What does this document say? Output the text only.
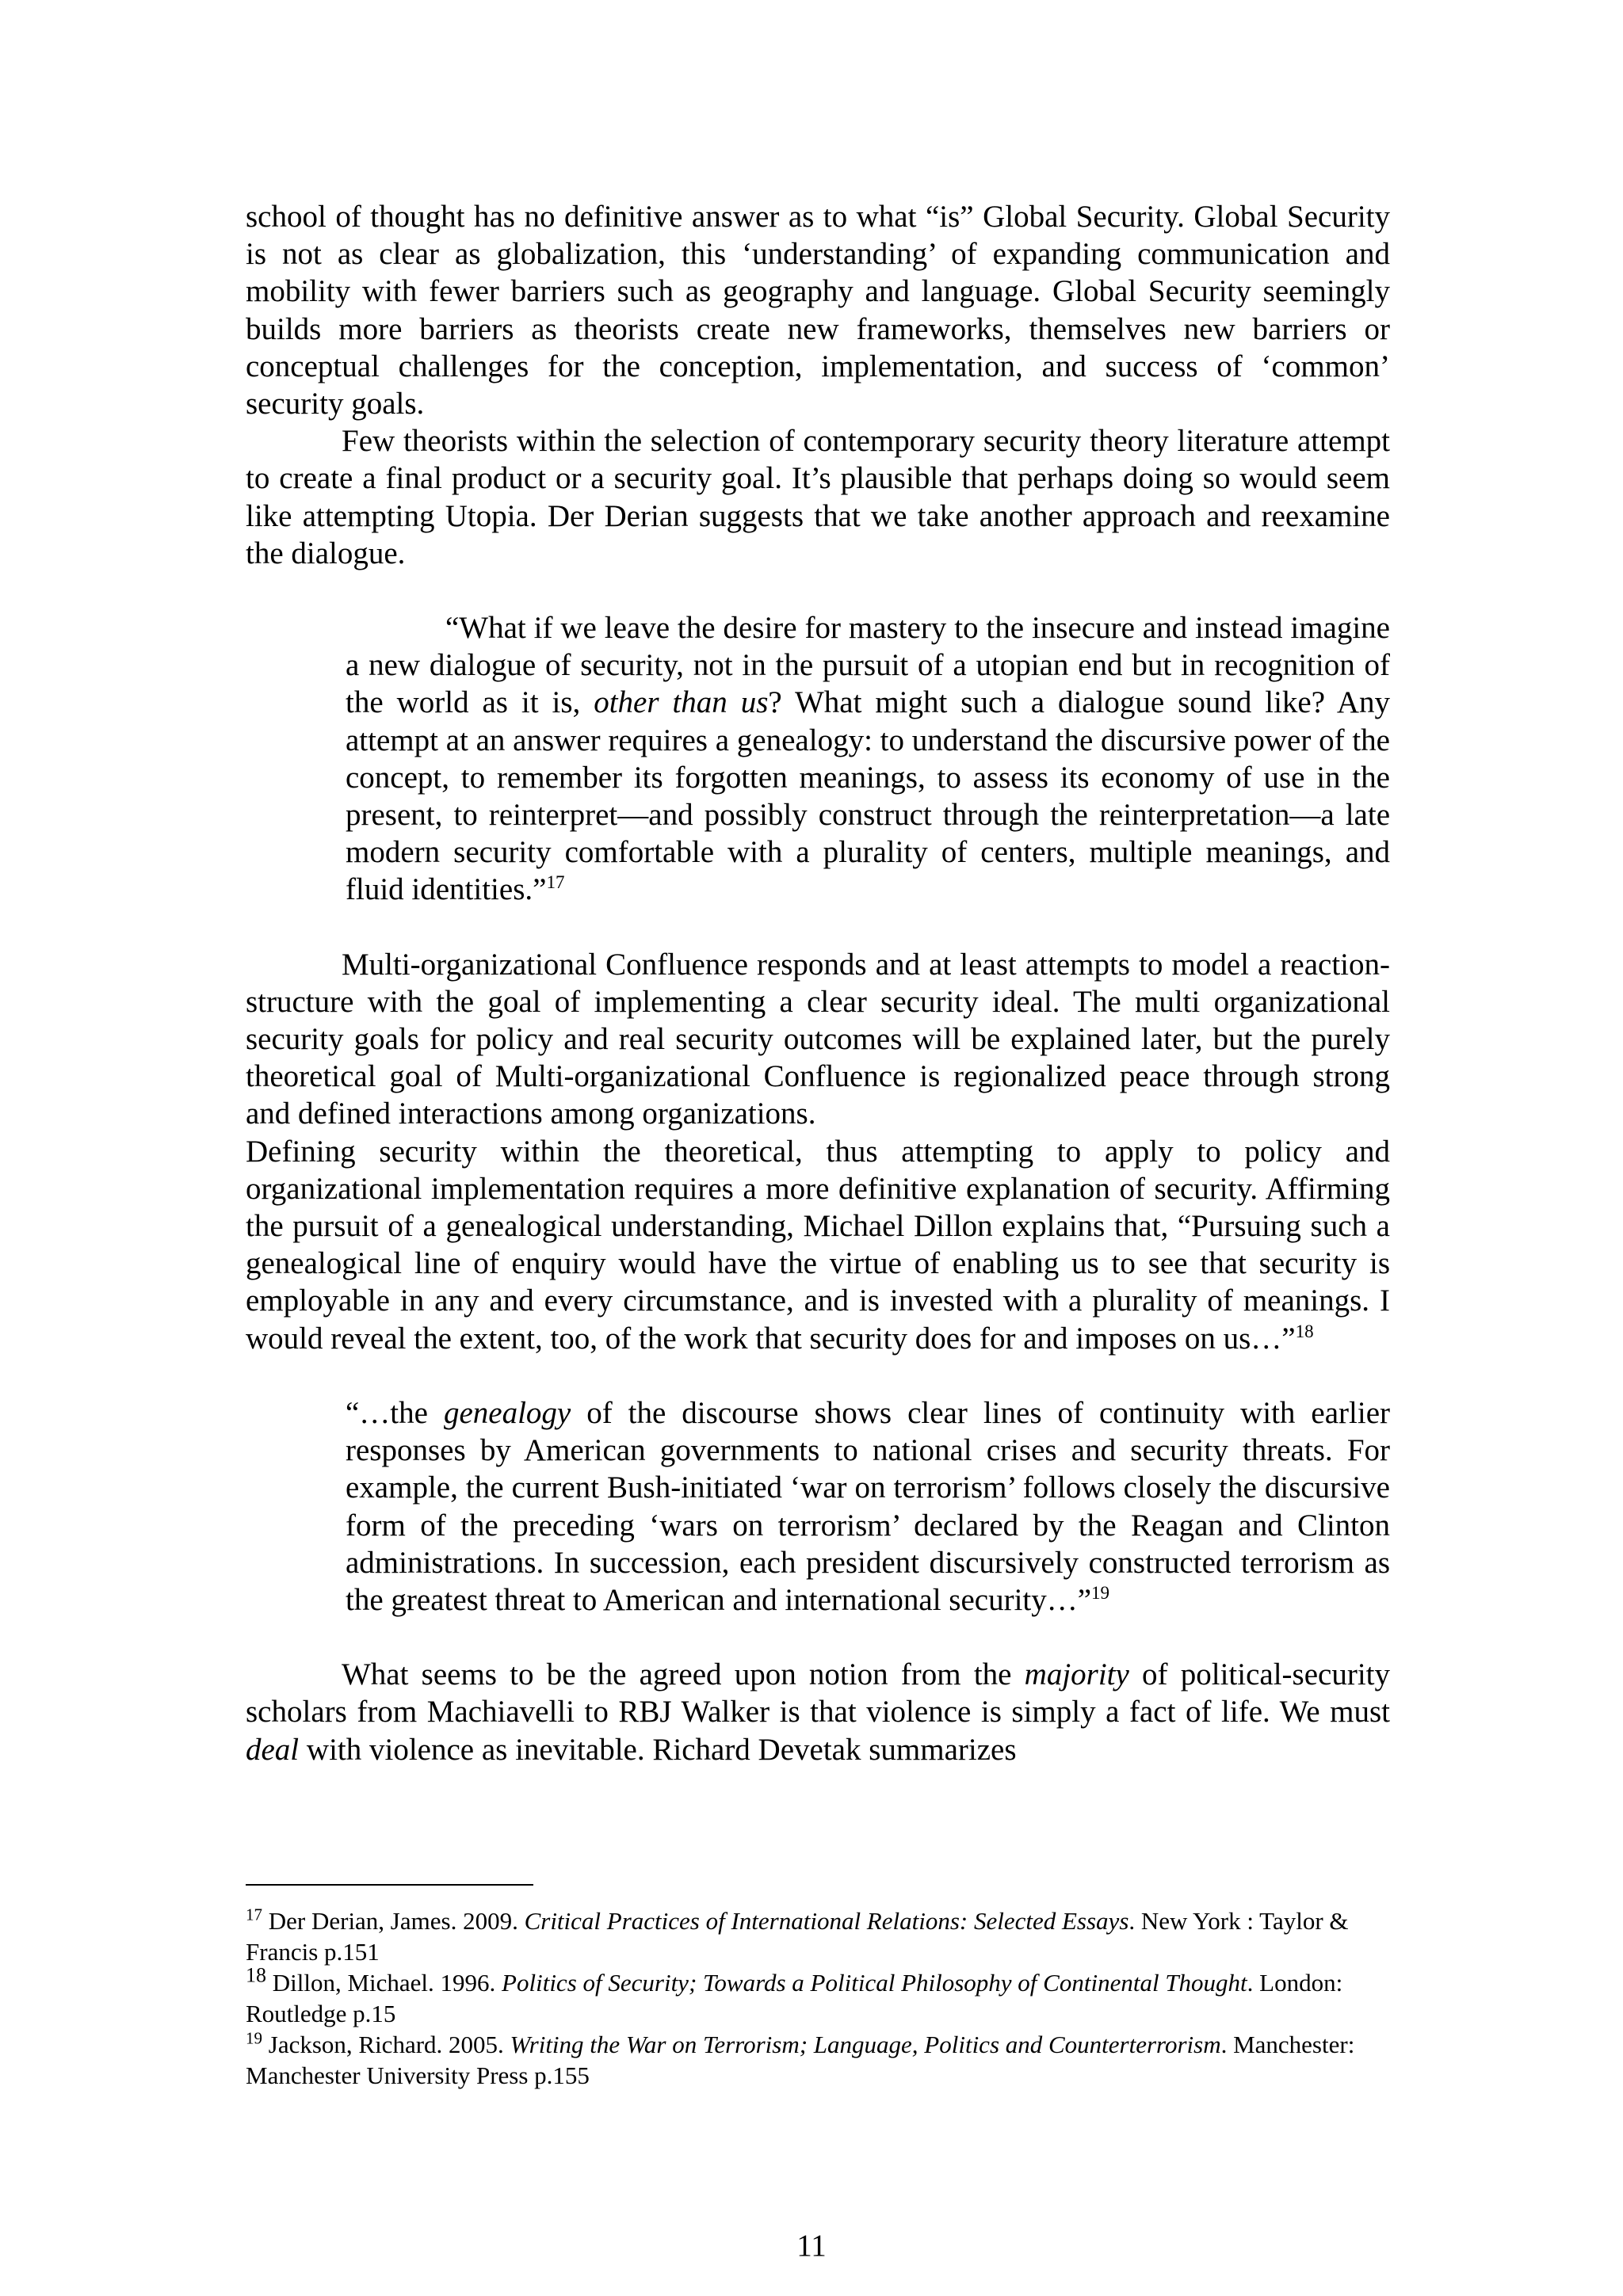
school of thought has no definitive answer as to what “is” Global Security. Global Security is not as clear as globalization, this ‘understanding’ of expanding communication and mobility with fewer barriers such as geography and language. Global Security seemingly builds more barriers as theorists create new frameworks, themselves new barriers or conceptual challenges for the conception, implementation, and success of ‘common’ security goals.

Few theorists within the selection of contemporary security theory literature attempt to create a final product or a security goal. It’s plausible that perhaps doing so would seem like attempting Utopia. Der Derian suggests that we take another approach and reexamine the dialogue.

“What if we leave the desire for mastery to the insecure and instead imagine a new dialogue of security, not in the pursuit of a utopian end but in recognition of the world as it is, other than us? What might such a dialogue sound like? Any attempt at an answer requires a genealogy: to understand the discursive power of the concept, to remember its forgotten meanings, to assess its economy of use in the present, to reinterpret—and possibly construct through the reinterpretation—a late modern security comfortable with a plurality of centers, multiple meanings, and fluid identities.”$^{17}$

Multi-organizational Confluence responds and at least attempts to model a reaction-structure with the goal of implementing a clear security ideal. The multi organizational security goals for policy and real security outcomes will be explained later, but the purely theoretical goal of Multi-organizational Confluence is regionalized peace through strong and defined interactions among organizations.

Defining security within the theoretical, thus attempting to apply to policy and organizational implementation requires a more definitive explanation of security. Affirming the pursuit of a genealogical understanding, Michael Dillon explains that, “Pursuing such a genealogical line of enquiry would have the virtue of enabling us to see that security is employable in any and every circumstance, and is invested with a plurality of meanings. I would reveal the extent, too, of the work that security does for and imposes on us…”$^{18}$

“…the genealogy of the discourse shows clear lines of continuity with earlier responses by American governments to national crises and security threats. For example, the current Bush-initiated ‘war on terrorism’ follows closely the discursive form of the preceding ‘wars on terrorism’ declared by the Reagan and Clinton administrations. In succession, each president discursively constructed terrorism as the greatest threat to American and international security…”$^{19}$

What seems to be the agreed upon notion from the majority of political-security scholars from Machiavelli to RBJ Walker is that violence is simply a fact of life. We must deal with violence as inevitable. Richard Devetak summarizes

$^{17}$ Der Derian, James. 2009. Critical Practices of International Relations: Selected Essays. New York : Taylor & Francis p.151

$^{18}$ Dillon, Michael. 1996. Politics of Security; Towards a Political Philosophy of Continental Thought. London: Routledge p.15

$^{19}$ Jackson, Richard. 2005. Writing the War on Terrorism; Language, Politics and Counterterrorism. Manchester: Manchester University Press p.155

11
